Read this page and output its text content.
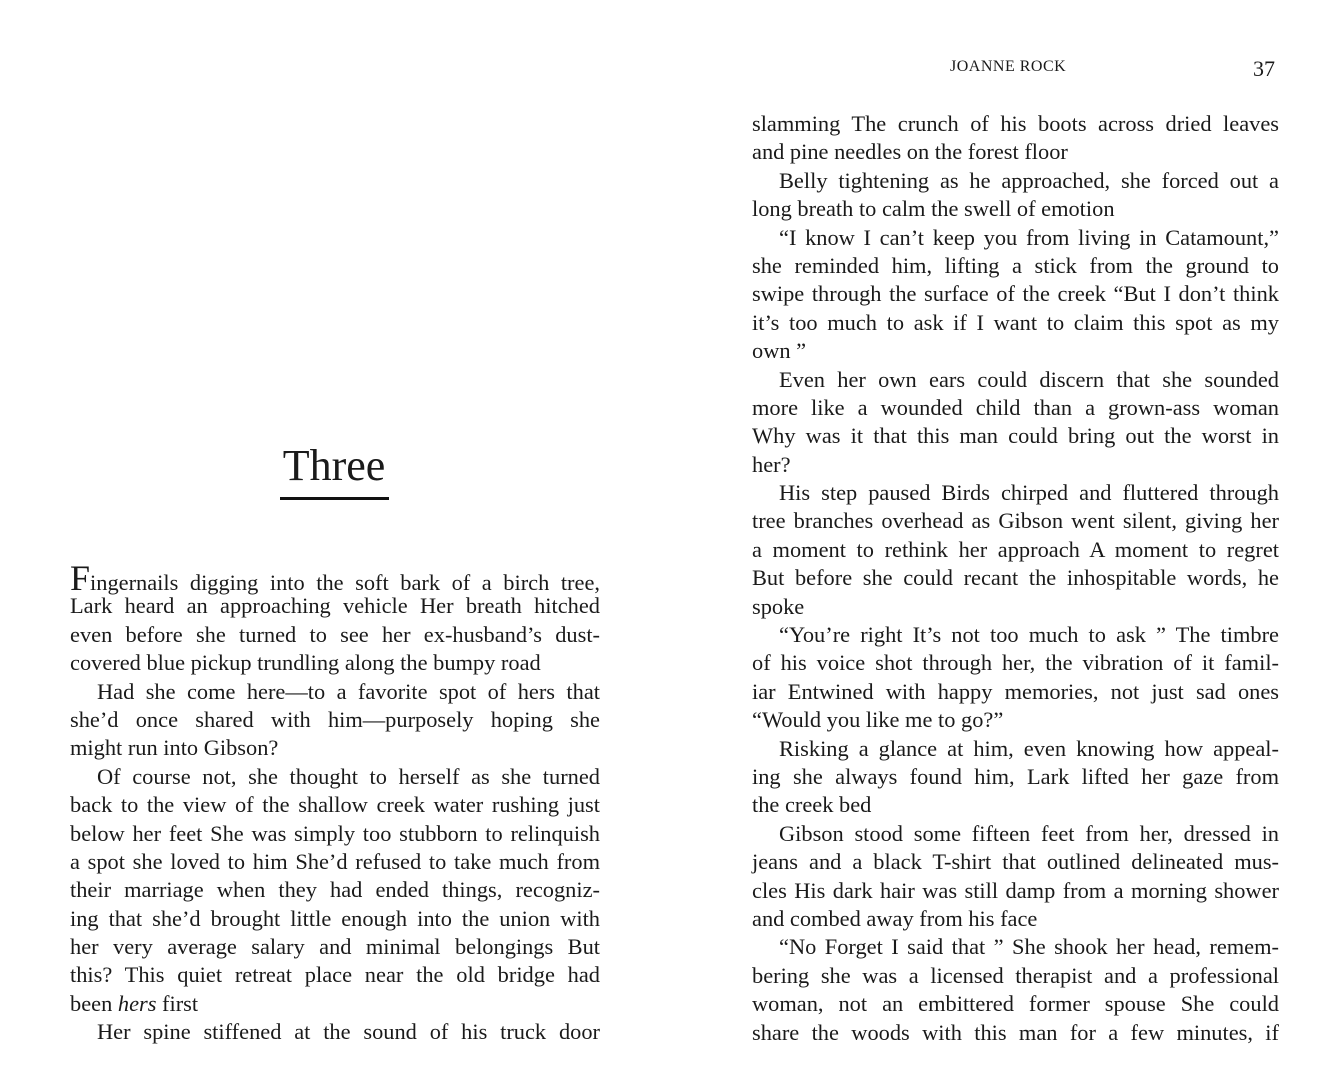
Three
Fingernails digging into the soft bark of a birch tree,
Lark heard an approaching vehicle Her breath hitched
even before she turned to see her ex-husband’s dust-
covered blue pickup trundling along the bumpy road
Had she come here—to a favorite spot of hers that
she’d once shared with him—purposely hoping she
might run into Gibson?
Of course not, she thought to herself as she turned
back to the view of the shallow creek water rushing just
below her feet She was simply too stubborn to relinquish
a spot she loved to him She’d refused to take much from
their marriage when they had ended things, recogniz-
ing that she’d brought little enough into the union with
her very average salary and minimal belongings But
this? This quiet retreat place near the old bridge had
been hers first
Her spine stiffened at the sound of his truck door

JOANNE ROCK	37

slamming The crunch of his boots across dried leaves
and pine needles on the forest floor
Belly tightening as he approached, she forced out a
long breath to calm the swell of emotion
“I know I can’t keep you from living in Catamount,”
she reminded him, lifting a stick from the ground to
swipe through the surface of the creek “But I don’t think
it’s too much to ask if I want to claim this spot as my
own ”
Even her own ears could discern that she sounded
more like a wounded child than a grown-ass woman
Why was it that this man could bring out the worst in
her?
His step paused Birds chirped and fluttered through
tree branches overhead as Gibson went silent, giving her
a moment to rethink her approach A moment to regret
But before she could recant the inhospitable words, he
spoke
“You’re right It’s not too much to ask ” The timbre
of his voice shot through her, the vibration of it famil-
iar Entwined with happy memories, not just sad ones
“Would you like me to go?”
Risking a glance at him, even knowing how appeal-
ing she always found him, Lark lifted her gaze from
the creek bed
Gibson stood some fifteen feet from her, dressed in
jeans and a black T-shirt that outlined delineated mus-
cles His dark hair was still damp from a morning shower
and combed away from his face
“No Forget I said that ” She shook her head, remem-
bering she was a licensed therapist and a professional
woman, not an embittered former spouse She could
share the woods with this man for a few minutes, if
